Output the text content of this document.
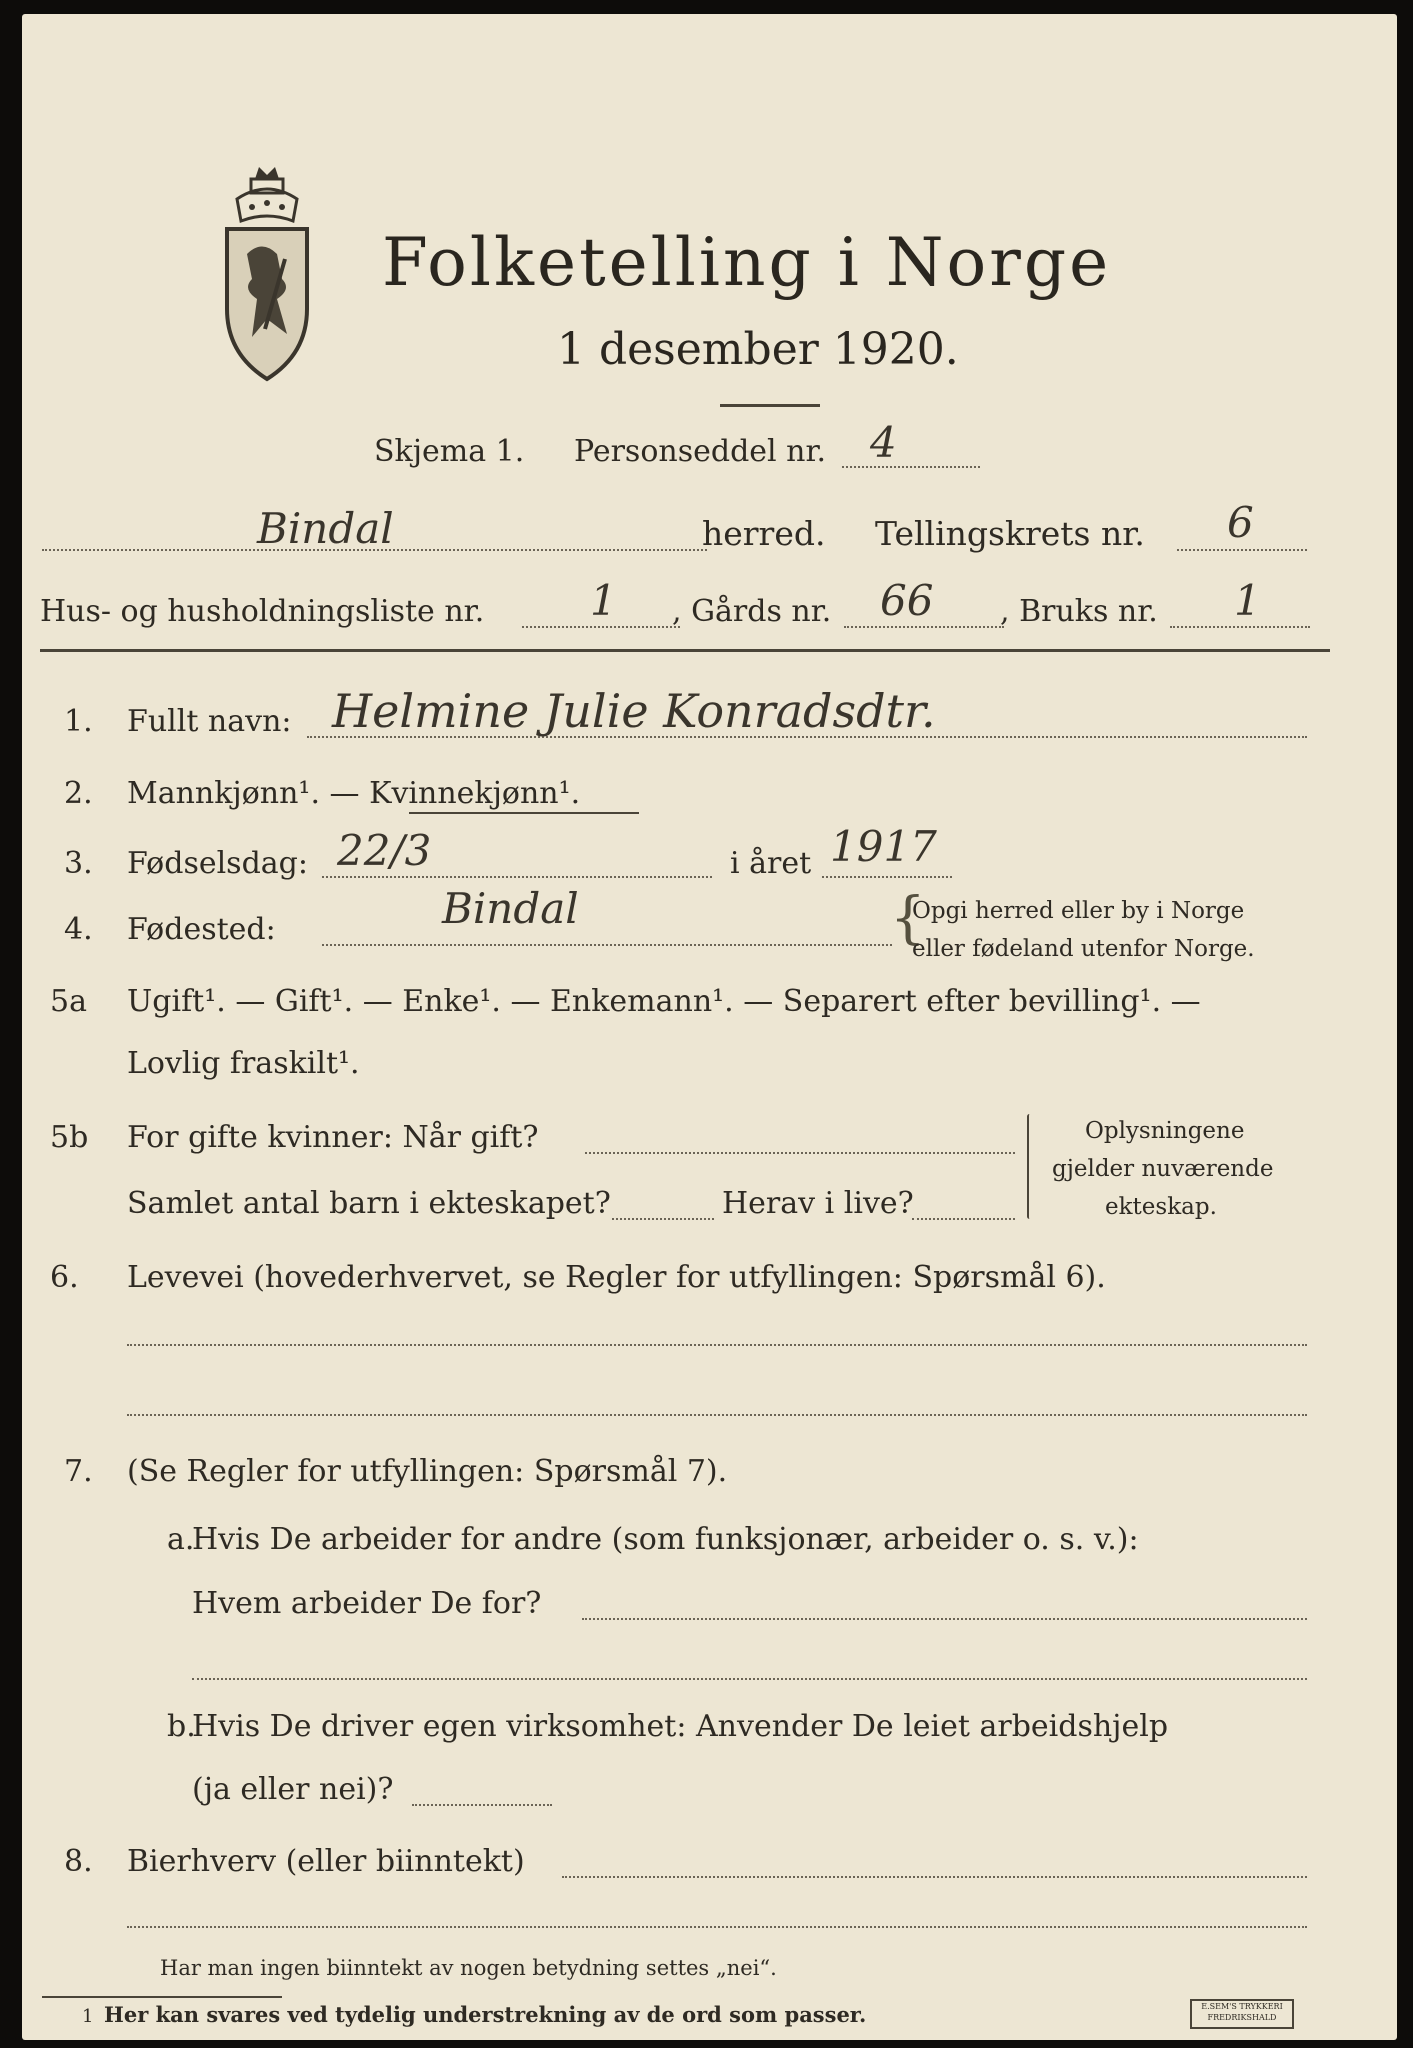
Folketelling i Norge
1 desember 1920.
Skjema 1. Personseddel nr. 4
Bindal	herred. Tellingskrets nr. 6
Hus- og husholdningsliste nr.	1 , Gårds nr. 66 , Bruks nr. 1
1. Fullt navn: Helmine Julie Konradsdtr.
2. Mannkjønn¹. — Kvinnekjønn¹.
3. Fødselsdag: 22/3	i året 1917
4. Fødested:	Bindal	{
Opgi herred eller by i Norge
eller fødeland utenfor Norge.
5a Ugift¹. — Gift¹. — Enke¹. — Enkemann¹. — Separert efter bevilling¹. —
Lovlig fraskilt¹.
5b For gifte kvinner: Når gift?
Samlet antal barn i ekteskapet?	Herav i live?
Oplysningene
gjelder nuværende
ekteskap.
6. Levevei (hovederhvervet, se Regler for utfyllingen: Spørsmål 6).
7. (Se Regler for utfyllingen: Spørsmål 7).
a.
Hvis De arbeider for andre (som funksjonær, arbeider o. s. v.):
Hvem arbeider De for?
b.
Hvis De driver egen virksomhet: Anvender De leiet arbeidshjelp
(ja eller nei)?
8. Bierhverv (eller biinntekt)
Har man ingen biinntekt av nogen betydning settes „nei“.
1 Her kan svares ved tydelig understrekning av de ord som passer.	E.SEM'S TRYKKERI
FREDRIKSHALD
